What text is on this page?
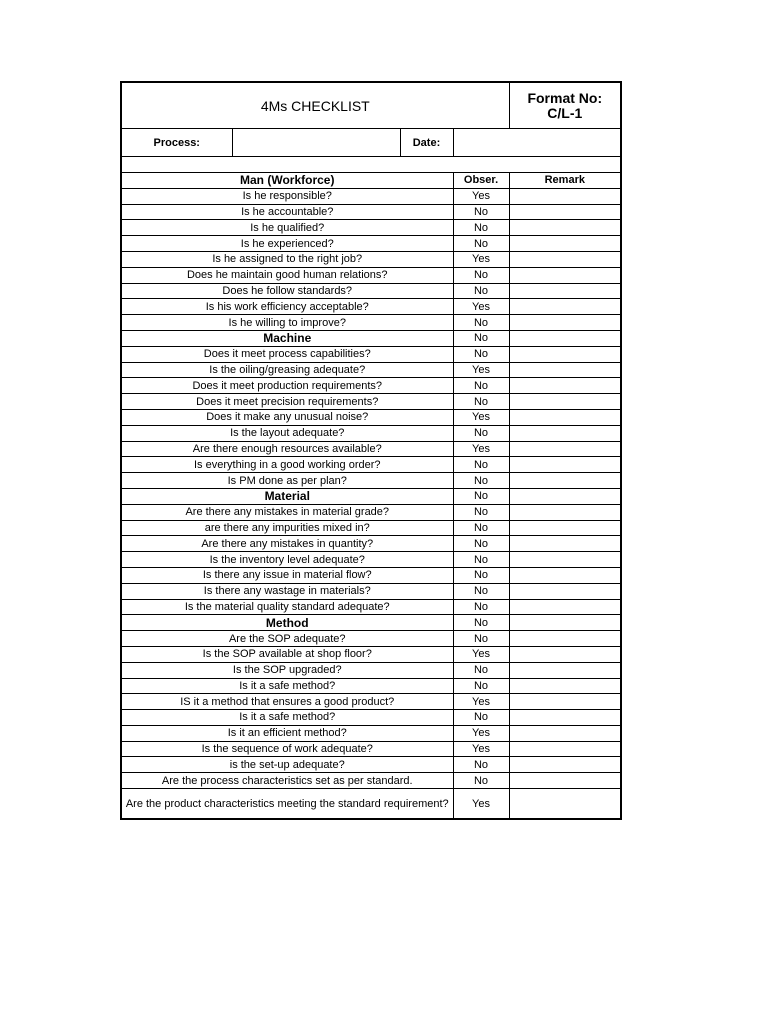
4Ms CHECKLIST				Format No:
C/L-1

Process:		Date:		

Man (Workforce)			Obser.	Remark
Is he responsible?			Yes	
Is he accountable?			No	
Is he qualified?			No	
Is he experienced?			No	
Is he assigned to the right job?			Yes	
Does he maintain good human relations?			No	
Does he follow standards?			No	
Is his work efficiency acceptable?			Yes	
Is he willing to improve?			No	
Machine			No	
Does it meet process capabilities?			No	
Is the oiling/greasing adequate?			Yes	
Does it meet production requirements?			No	
Does it meet precision requirements?			No	
Does it make any unusual noise?			Yes	
Is the layout adequate?			No	
Are there enough resources available?			Yes	
Is everything in a good working order?			No	
Is PM done as per plan?			No	
Material			No	
Are there any mistakes in material grade?			No	
are there any impurities mixed in?			No	
Are there any mistakes in quantity?			No	
Is the inventory level adequate?			No	
Is there any issue in material flow?			No	
Is there any wastage in materials?			No	
Is the material quality standard adequate?			No	
Method			No	
Are the SOP adequate?			No	
Is the SOP available at shop floor?			Yes	
Is the SOP upgraded?			No	
Is it a safe method?			No	
IS it a method that ensures a good product?			Yes	
Is it a safe method?			No	
Is it an efficient method?			Yes	
Is the sequence of work adequate?			Yes	
is the set-up adequate?			No	
Are the process characteristics set as per standard.			No	
Are the product characteristics meeting the standard requirement?			Yes	
